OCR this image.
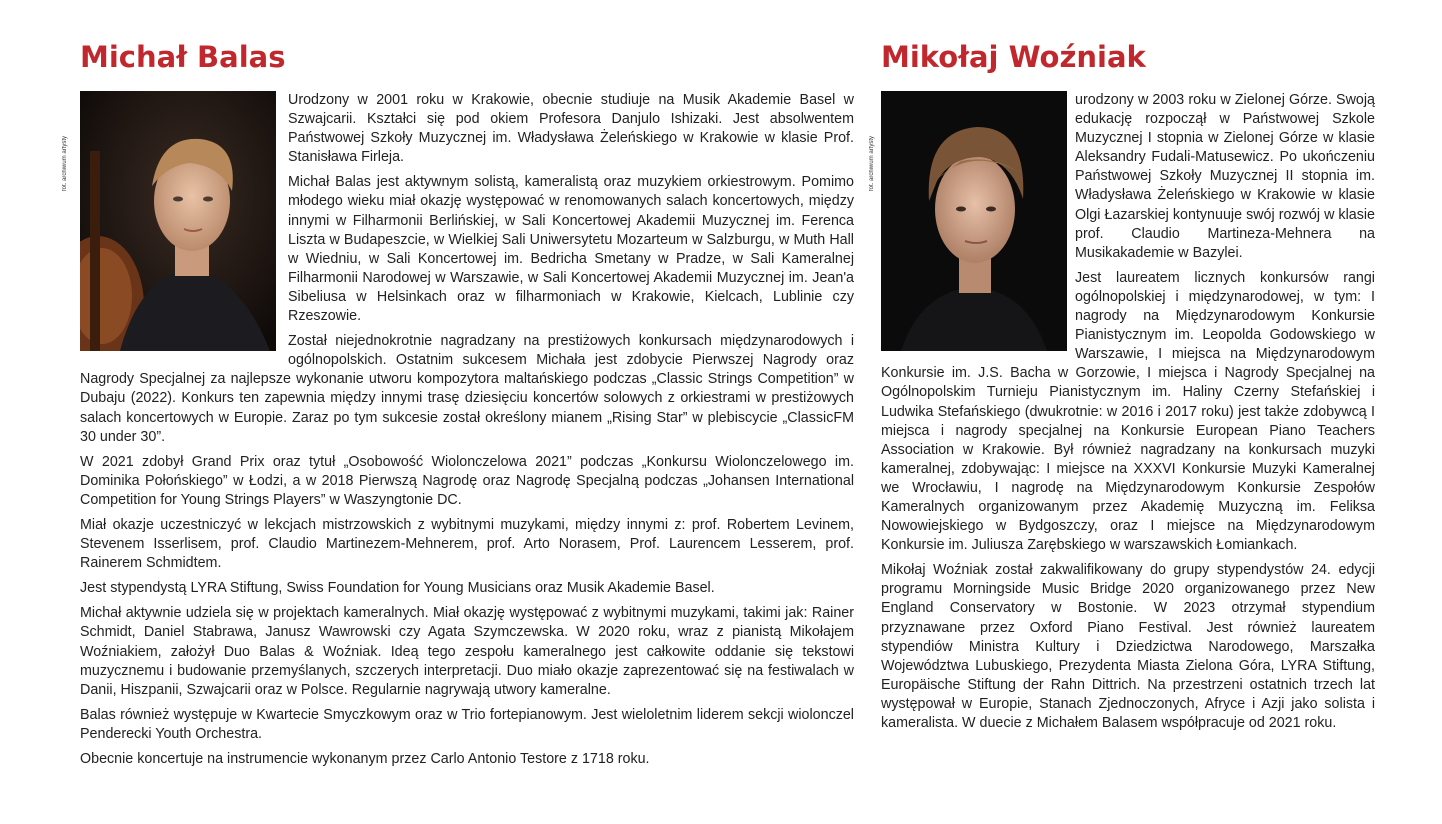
Michał Balas
fot. archiwum artysty

Urodzony w 2001 roku w Krakowie, obecnie studiuje na Musik Akademie Basel w Szwajcarii. Kształci się pod okiem Profesora Danjulo Ishizaki. Jest absolwentem Państwowej Szkoły Muzycznej im. Władysława Żeleńskiego w Krakowie w klasie Prof. Stanisława Firleja.

Michał Balas jest aktywnym solistą, kameralistą oraz muzykiem orkiestrowym. Pomimo młodego wieku miał okazję występować w renomowanych salach koncertowych, między innymi w Filharmonii Berlińskiej, w Sali Koncertowej Akademii Muzycznej im. Ferenca Liszta w Budapeszcie, w Wielkiej Sali Uniwersytetu Mozarteum w Salzburgu, w Muth Hall w Wiedniu, w Sali Koncertowej im. Bedricha Smetany w Pradze, w Sali Kameralnej Filharmonii Narodowej w Warszawie, w Sali Koncertowej Akademii Muzycznej im. Jean'a Sibeliusa w Helsinkach oraz w filharmoniach w Krakowie, Kielcach, Lublinie czy Rzeszowie.

Został niejednokrotnie nagradzany na prestiżowych konkursach międzynarodowych i ogólnopolskich. Ostatnim sukcesem Michała jest zdobycie Pierwszej Nagrody oraz Nagrody Specjalnej za najlepsze wykonanie utworu kompozytora maltańskiego podczas „Classic Strings Competition” w Dubaju (2022). Konkurs ten zapewnia między innymi trasę dziesięciu koncertów solowych z orkiestrami w prestiżowych salach koncertowych w Europie. Zaraz po tym sukcesie został określony mianem „Rising Star” w plebiscycie „ClassicFM 30 under 30”.

W 2021 zdobył Grand Prix oraz tytuł „Osobowość Wiolonczelowa 2021” podczas „Konkursu Wiolonczelowego im. Dominika Połońskiego” w Łodzi, a w 2018 Pierwszą Nagrodę oraz Nagrodę Specjalną podczas „Johansen International Competition for Young Strings Players” w Waszyngtonie DC.

Miał okazje uczestniczyć w lekcjach mistrzowskich z wybitnymi muzykami, między innymi z: prof. Robertem Levinem, Stevenem Isserlisem, prof. Claudio Martinezem-Mehnerem, prof. Arto Norasem, Prof. Laurencem Lesserem, prof. Rainerem Schmidtem.

Jest stypendystą LYRA Stiftung, Swiss Foundation for Young Musicians oraz Musik Akademie Basel.

Michał aktywnie udziela się w projektach kameralnych. Miał okazję występować z wybitnymi muzykami, takimi jak: Rainer Schmidt, Daniel Stabrawa, Janusz Wawrowski czy Agata Szymczewska. W 2020 roku, wraz z pianistą Mikołajem Woźniakiem, założył Duo Balas & Woźniak. Ideą tego zespołu kameralnego jest całkowite oddanie się tekstowi muzycznemu i budowanie przemyślanych, szczerych interpretacji. Duo miało okazje zaprezentować się na festiwalach w Danii, Hiszpanii, Szwajcarii oraz w Polsce. Regularnie nagrywają utwory kameralne.

Balas również występuje w Kwartecie Smyczkowym oraz w Trio fortepianowym. Jest wieloletnim liderem sekcji wiolonczel Penderecki Youth Orchestra.

Obecnie koncertuje na instrumencie wykonanym przez Carlo Antonio Testore z 1718 roku.

Mikołaj Woźniak
fot. archiwum artysty

urodzony w 2003 roku w Zielonej Górze. Swoją edukację rozpoczął w Państwowej Szkole Muzycznej I stopnia w Zielonej Górze w klasie Aleksandry Fudali-Matusewicz. Po ukończeniu Państwowej Szkoły Muzycznej II stopnia im. Władysława Żeleńskiego w Krakowie w klasie Olgi Łazarskiej kontynuuje swój rozwój w klasie prof. Claudio Martineza-Mehnera na Musikakademie w Bazylei.

Jest laureatem licznych konkursów rangi ogólnopolskiej i międzynarodowej, w tym: I nagrody na Międzynarodowym Konkursie Pianistycznym im. Leopolda Godowskiego w Warszawie, I miejsca na Międzynarodowym Konkursie im. J.S. Bacha w Gorzowie, I miejsca i Nagrody Specjalnej na Ogólnopolskim Turnieju Pianistycznym im. Haliny Czerny Stefańskiej i Ludwika Stefańskiego (dwukrotnie: w 2016 i 2017 roku) jest także zdobywcą I miejsca i nagrody specjalnej na Konkursie European Piano Teachers Association w Krakowie. Był również nagradzany na konkursach muzyki kameralnej, zdobywając: I miejsce na XXXVI Konkursie Muzyki Kameralnej we Wrocławiu, I nagrodę na Międzynarodowym Konkursie Zespołów Kameralnych organizowanym przez Akademię Muzyczną im. Feliksa Nowowiejskiego w Bydgoszczy, oraz I miejsce na Międzynarodowym Konkursie im. Juliusza Zarębskiego w warszawskich Łomiankach.

Mikołaj Woźniak został zakwalifikowany do grupy stypendystów 24. edycji programu Morningside Music Bridge 2020 organizowanego przez New England Conservatory w Bostonie. W 2023 otrzymał stypendium przyznawane przez Oxford Piano Festival. Jest również laureatem stypendiów Ministra Kultury i Dziedzictwa Narodowego, Marszałka Województwa Lubuskiego, Prezydenta Miasta Zielona Góra, LYRA Stiftung, Europäische Stiftung der Rahn Dittrich. Na przestrzeni ostatnich trzech lat występował w Europie, Stanach Zjednoczonych, Afryce i Azji jako solista i kameralista. W duecie z Michałem Balasem współpracuje od 2021 roku.
